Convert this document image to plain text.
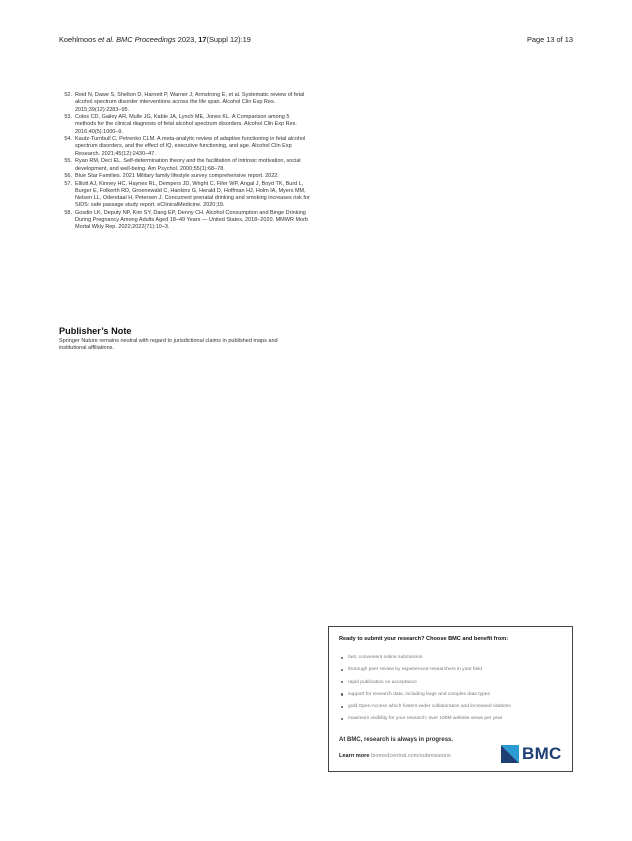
Koehlmoos et al. BMC Proceedings 2023, 17(Suppl 12):19	Page 13 of 13
52. Reid N, Dawe S, Shelton D, Harnett P, Warner J, Armstrong E, et al. Systematic review of fetal alcohol spectrum disorder interventions across the life span. Alcohol Clin Exp Res. 2015;39(12):2283–95.
53. Coles CD, Gailey AR, Mulle JG, Kable JA, Lynch ME, Jones KL. A Comparison among 5 methods for the clinical diagnosis of fetal alcohol spectrum disorders. Alcohol Clin Exp Res. 2016;40(5):1000–9.
54. Kautz-Turnbull C, Petrenko CLM. A meta-analytic review of adaptive functioning in fetal alcohol spectrum disorders, and the effect of IQ, executive functioning, and age. Alcohol Clin Exp Research. 2021;45(12):2430–47.
55. Ryan RM, Deci EL. Self-determination theory and the facilitation of intrinsic motivation, social development, and well-being. Am Psychol. 2000;55(1):68–78.
56. Blue Star Families. 2021 Military family lifestyle survey comprehensive report. 2022.
57. Elliott AJ, Kinney HC, Haynes RL, Dempers JD, Wright C, Fifer WP, Angal J, Boyd TK, Burd L, Burger E, Folkerth RD, Groenewald C, Hankins G, Herald D, Hoffman HJ, Holm IA, Myers MM, Nelsen LL, Odendaal H, Petersen J. Concurrent prenatal drinking and smoking increases risk for SIDS: safe passage study report. eClinicalMedicine. 2020;19.
58. Gosdin LK, Deputy NP, Kim SY, Dang EP, Denny CH. Alcohol Consumption and Binge Drinking During Pregnancy Among Adults Aged 18–49 Years — United States, 2018–2020. MMWR Morb Mortal Wkly Rep. 2022;2022(71):10–3.
Publisher’s Note
Springer Nature remains neutral with regard to jurisdictional claims in published maps and institutional affiliations.
Ready to submit your research? Choose BMC and benefit from:
fast, convenient online submission
thorough peer review by experienced researchers in your field
rapid publication on acceptance
support for research data, including large and complex data types
gold Open Access which fosters wider collaboration and increased citations
maximum visibility for your research: over 100M website views per year
At BMC, research is always in progress.
Learn more biomedcentral.com/submissions	BMC
